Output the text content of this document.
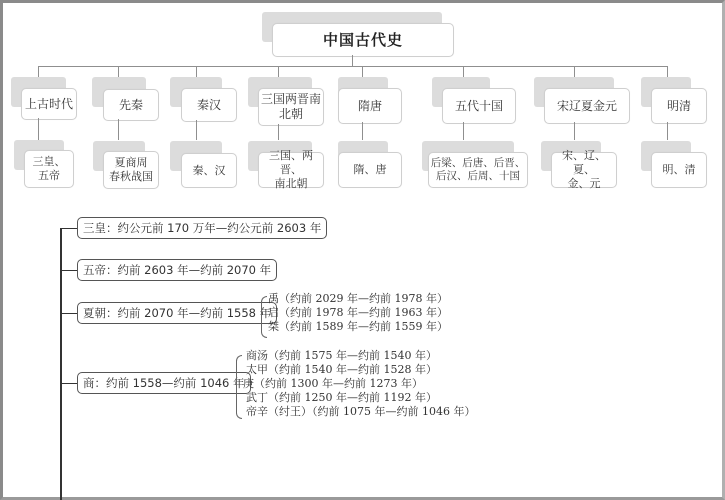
中国古代史
上古时代
三皇、
五帝
先秦
夏商周
春秋战国
秦汉
秦、汉
三国两晋南
北朝
三国、两晋、
南北朝
隋唐
隋、唐
五代十国
后梁、后唐、后晋、
后汉、后周、十国
宋辽夏金元
宋、辽、夏、
金、元
明清
明、清
三皇：约公元前 170 万年—约公元前 2603 年
五帝：约前 2603 年—约前 2070 年
夏朝：约前 2070 年—约前 1558 年
禹（约前 2029 年—约前 1978 年）
启（约前 1978 年—约前 1963 年）
桀（约前 1589 年—约前 1559 年）
商：约前 1558—约前 1046 年
商汤（约前 1575 年—约前 1540 年）
太甲（约前 1540 年—约前 1528 年）
庚（约前 1300 年—约前 1273 年）
武丁（约前 1250 年—约前 1192 年）
帝辛（纣王）（约前 1075 年—约前 1046 年）
